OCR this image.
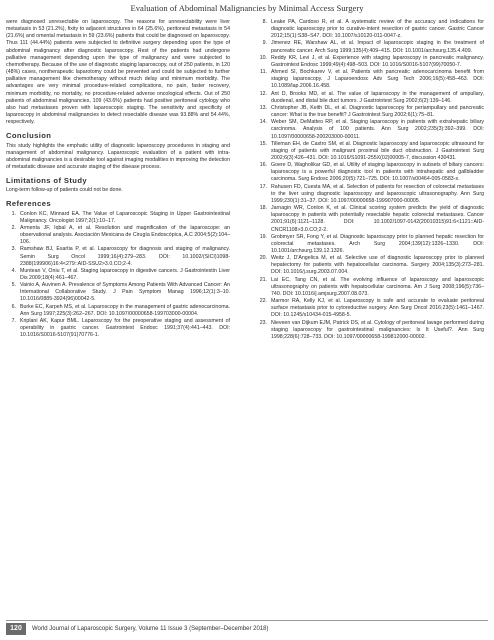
Evaluation of Abdominal Malignancies by Minimal Access Surgery

were diagnosed unresectable on laparoscopy. The reasons for unresectability were liver metastasis in 53 (21.2%), fixity to adjacent structures in 64 (25.6%), peritoneal metastasis in 54 (21.6%) and omental metastasis in 59 (23.6%) patients that could be diagnosed on laparoscopy. Thus 111 (44.44%) patients were subjected to definitive surgery depending upon the type of abdominal malignancy after diagnostic laparoscopy. Rest of the patients had undergone palliative management depending upon the type of malignancy and were subjected to chemotherapy. Because of the use of diagnostic staging laparoscopy, out of 250 patients, in 120 (48%) cases, nontherapeutic laparotomy could be prevented and could be subjected to further palliative management like chemotherapy without much delay and minimum morbidity. The advantages are very minimal procedure-related complications, no pain, faster recovery, minimum morbidity, no mortality, no procedure-related adverse oncological effects. Out of 250 patients of abdominal malignancies, 109 (43.6%) patients had positive peritoneal cytology who also had metastases proven with laparoscopic staging. The sensitivity and specificity of laparoscopy in abdominal malignancies to detect resectable disease was 93.88% and 54.44%, respectively.

Conclusion

This study highlights the emphatic utility of diagnostic laparoscopy procedures in staging and management of abdominal malignancy. Laparoscopic evaluation of a patient with intra-abdominal malignancies is a desirable tool against imaging modalities in improving the detection of metastatic disease and accurate staging of the disease process.

Limitations of Study

Long-term follow-up of patients could not be done.

References
1. Conlon KC, Minnard EA. The Value of Laparoscopic Staging in Upper Gastrointestinal Malignancy. Oncologist 1997;2(1):10–17.
2. Armenta JF, Iqbal A, et al. Resolution and magnification of the laparoscope: an observational analysis. Asociación Mexicana de Cirugía Endoscópica, A.C 2004;5(2):104–106.
3. Ramshaw BJ, Esartia P, et al. Laparoscopy for diagnosis and staging of malignancy. Semin Surg Oncol 1999;16(4):279–283. DOI: 10.1002/(SICI)1098-2388(199906)16:4<279::AID-SSU2>3.0.CO;2-4.
4. Muntean V, Oniu T, et al. Staging laparoscopy in digestive cancers. J Gastrointestin Liver Dis 2009;18(4):461–467.
5. Vainio A, Auvinen A. Prevalence of Symptoms Among Patients With Advanced Cancer: An International Collaborative Study. J Pain Symptom Manag 1996;12(1):3–10. 10.1016/0885-3924(96)00042-5.
6. Burke EC, Karpeh MS, et al. Laparoscopy in the management of gastric adenocarcinoma. Ann Surg 1997;225(3):262–267. DOI: 10.1097/00000658-199703000-00004.
7. Kriplani AK, Kapur BML. Laparoscopy for the preoperative staging and assessment of operability in gastric cancer. Gastrointest Endosc 1991;37(4):441–443. DOI: 10.1016/S0016-5107(91)70776-1.
8. Leake PA, Cardoso R, et al. A systematic review of the accuracy and indications for diagnostic laparoscopy prior to curative-intent resection of gastric cancer. Gastric Cancer 2012;15(1):S38–S47. DOI: 10.1007/s10120-011-0047-z.
9. Jimenez RE, Warshaw AL, et al. Impact of laparoscopic staging in the treatment of pancreatic cancer. Arch Surg 1999;135(4):409–415. DOI: 10.1001/archsurg.135.4.409.
10. Reddy KR, Levi J, et al. Experience with staging laparoscopy in pancreatic malignancy. Gastrointest Endosc 1999;49(4):498–503. DOI: 10.1016/S0016-5107(99)70050-7.
11. Ahmed SI, Bochkarev V, et al. Patients with pancreatic adenocarcinoma benefit from staging laparoscopy. J Laparoendosc Adv Surg Tech 2006;16(5):458–463. DOI: 10.1089/lap.2006.16.458.
12. Ant D, Brooks MD, et al. The value of laparoscopy in the management of ampullary, duodenal, and distal bile duct tumors. J Gastrointest Surg 2002;6(2):139–146.
13. Christopher JB, Keith DL, et al. Diagnostic laparoscopy for periampullary and pancreatic cancer: What is the true benefit? J Gastrointest Surg 2002;6(1):75–81.
14. Weber SM, DeMatteo RP, et al. Staging laparoscopy in patients with extrahepatic biliary carcinoma. Analysis of 100 patients. Ann Surg 2002;235(3):392–399. DOI: 10.1097/00000658-200203000-00011.
15. Tilleman EH, de Castro SM, et al. Diagnostic laparoscopy and laparoscopic ultrasound for staging of patients with malignant proximal bile duct obstruction. J Gastrointest Surg 2002;6(3):426–431. DOI: 10.1016/S1091-255X(02)00005-7, discussion 430431.
16. Goere D, Wagholikar GD, et al. Utility of staging laparoscopy in subsets of biliary cancers: laparoscopy is a powerful diagnostic tool in patients with intrahepatic and gallbladder carcinoma. Surg Endosc 2006;20(5):721–725. DOI: 10.1007/s00464-005-0583-x.
17. Rahusen FD, Cuesta MA, et al. Selection of patients for resection of colorectal metastases to the liver using diagnostic laparoscopy and laparoscopic ultrasonography. Ann Surg 1999;230(1):31–37. DOI: 10.1097/00000658-199907000-00005.
18. Jarnagin WR, Conlon K, et al. Clinical scoring system predicts the yield of diagnostic laparoscopy in patients with potentially resectable hepatic colorectal metastases. Cancer 2001;91(6):1121–1128. DOI: 10.1002/1097-0142(20010315)91:6<1121::AID-CNCR1108>3.0.CO;2-2.
19. Grobmyer SR, Fong Y, et al. Diagnostic laparoscopy prior to planned hepatic resection for colorectal metastases. Arch Surg 2004;139(12):1326–1330. DOI: 10.1001/archsurg.139.12.1326.
20. Weitz J, D'Angelica M, et al. Selective use of diagnostic laparoscopy prior to planned hepatectomy for patients with hepatocellular carcinoma. Surgery 2004;135(3):273–281. DOI: 10.1016/j.surg.2003.07.004.
21. Lai EC, Tang CN, et al. The evolving influence of laparoscopy and laparoscopic ultrasonography on patients with hepatocellular carcinoma. Am J Surg 2008;196(5):736–740. DOI: 10.1016/j.amjsurg.2007.08.073.
22. Marmor RA, Kelly KJ, et al. Laparoscopy is safe and accurate to evaluate peritoneal surface metastasis prior to cytoreductive surgery. Ann Surg Oncol 2016;23(5):1461–1467. DOI: 10.1245/s10434-015-4958-5.
23. Nieveen van Dijkum EJM, Patrick DS, et al. Cytology of peritoneal lavage performed during staging laparoscopy for gastrointestinal malignancies: Is It Useful?. Ann Surg 1998;228(6):728–733. DOI: 10.1097/00000658-199812000-00002.
120	World Journal of Laparoscopic Surgery, Volume 11 Issue 3 (September–December 2018)
